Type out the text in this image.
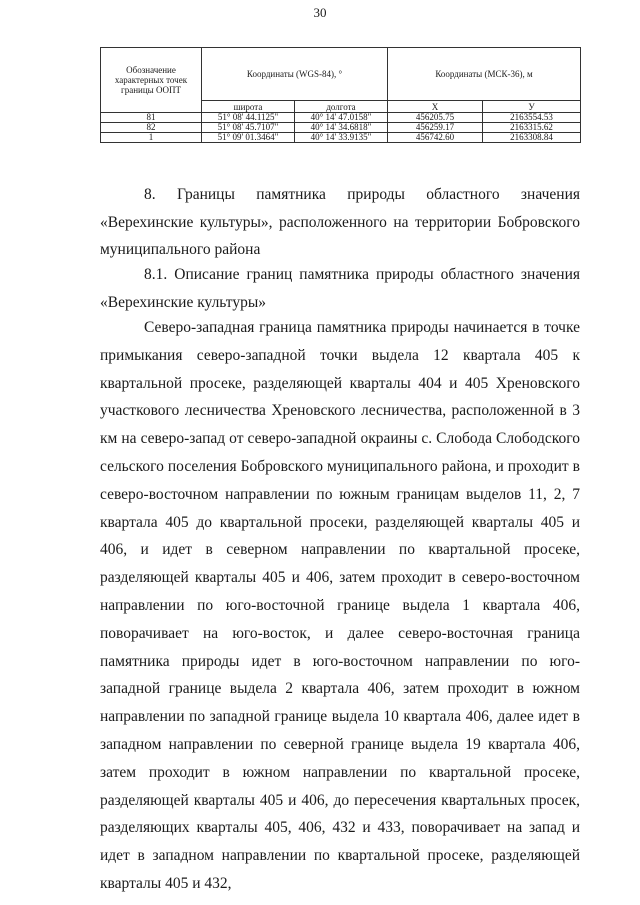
30
Обозначение характерных точек границы ООПТ	Координаты (WGS-84), °		Координаты (МСК-36), м	
	широта	долгота	X	У
81	51° 08' 44.1125"	40° 14' 47.0158"	456205.75	2163554.53
82	51° 08' 45.7107"	40° 14' 34.6818"	456259.17	2163315.62
1	51° 09' 01.3464"	40° 14' 33.9135"	456742.60	2163308.84
8. Границы памятника природы областного значения «Верехинские культуры», расположенного на территории Бобровского муниципального района
8.1. Описание границ памятника природы областного значения «Верехинские культуры»
Северо-западная граница памятника природы начинается в точке примыкания северо-западной точки выдела 12 квартала 405 к квартальной просеке, разделяющей кварталы 404 и 405 Хреновского участкового лесничества Хреновского лесничества, расположенной в 3 км на северо-запад от северо-западной окраины с. Слобода Слободского сельского поселения Бобровского муниципального района, и проходит в северо-восточном направлении по южным границам выделов 11, 2, 7 квартала 405 до квартальной просеки, разделяющей кварталы 405 и 406, и идет в северном направлении по квартальной просеке, разделяющей кварталы 405 и 406, затем проходит в северо-восточном направлении по юго-восточной границе выдела 1 квартала 406, поворачивает на юго-восток, и далее северо-восточная граница памятника природы идет в юго-восточном направлении по юго-западной границе выдела 2 квартала 406, затем проходит в южном направлении по западной границе выдела 10 квартала 406, далее идет в западном направлении по северной границе выдела 19 квартала 406, затем проходит в южном направлении по квартальной просеке, разделяющей кварталы 405 и 406, до пересечения квартальных просек, разделяющих кварталы 405, 406, 432 и 433, поворачивает на запад и идет в западном направлении по квартальной просеке, разделяющей кварталы 405 и 432,
